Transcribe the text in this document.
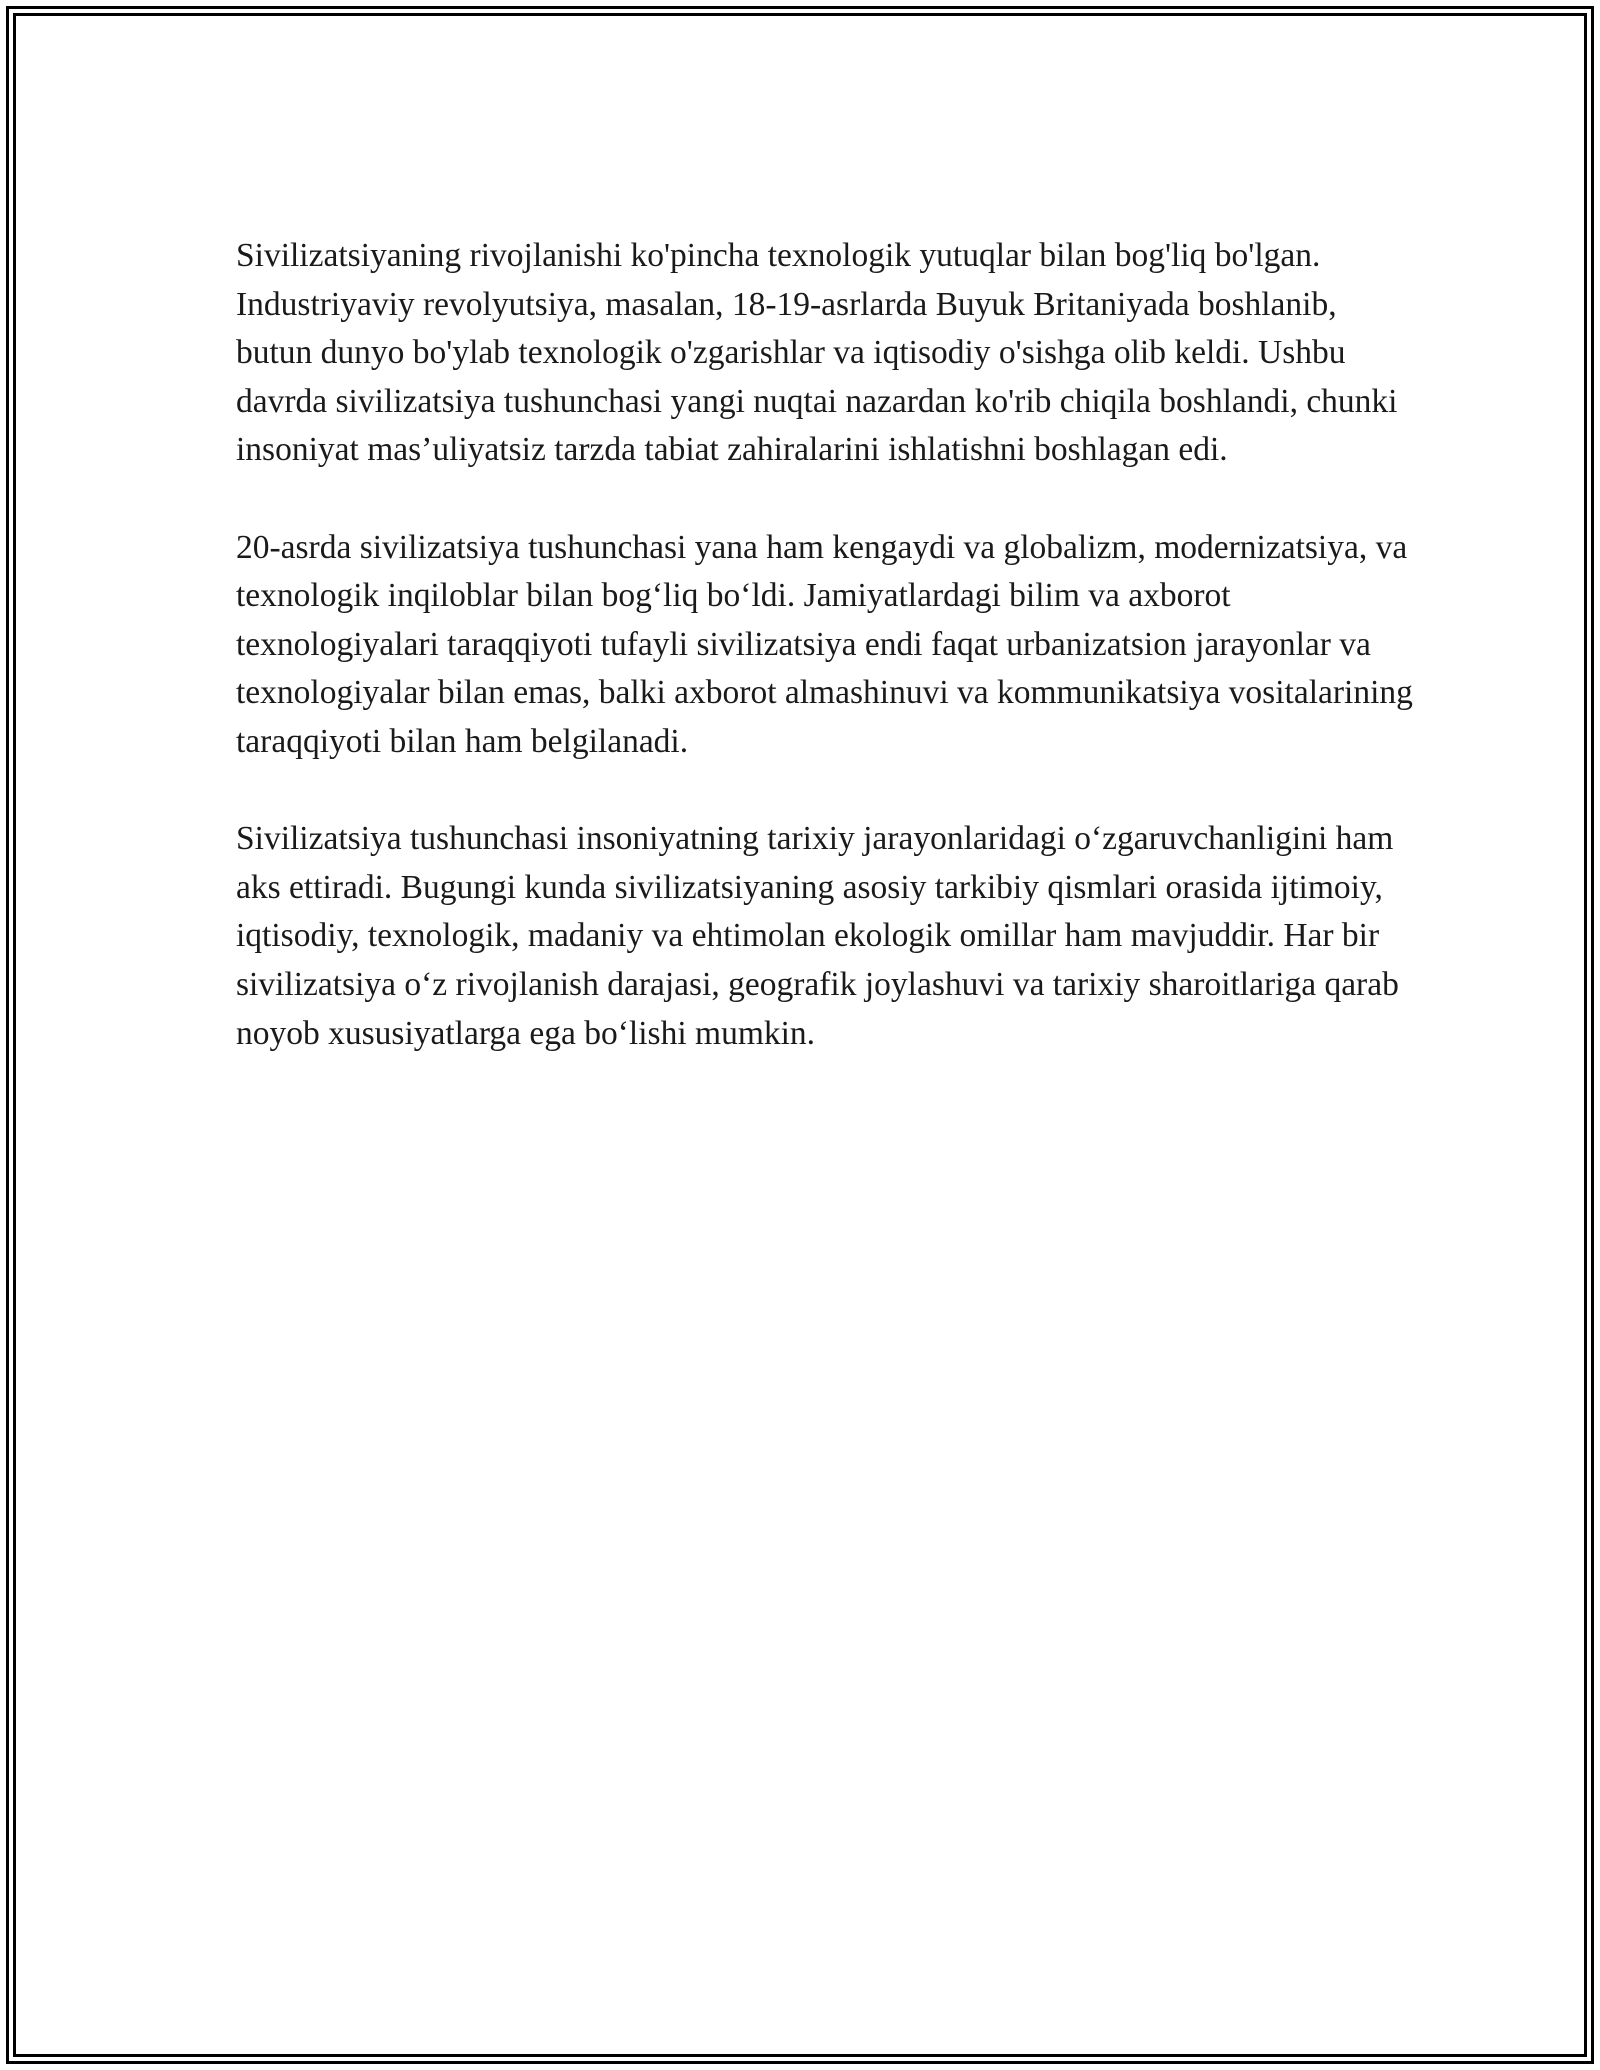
Sivilizatsiyaning rivojlanishi ko'pincha texnologik yutuqlar bilan bog'liq bo'lgan. Industriyaviy revolyutsiya, masalan, 18-19-asrlarda Buyuk Britaniyada boshlanib, butun dunyo bo'ylab texnologik o'zgarishlar va iqtisodiy o'sishga olib keldi. Ushbu davrda sivilizatsiya tushunchasi yangi nuqtai nazardan ko'rib chiqila boshlandi, chunki insoniyat mas’uliyatsiz tarzda tabiat zahiralarini ishlatishni boshlagan edi.

20-asrda sivilizatsiya tushunchasi yana ham kengaydi va globalizm, modernizatsiya, va texnologik inqiloblar bilan bog‘liq bo‘ldi. Jamiyatlardagi bilim va axborot texnologiyalari taraqqiyoti tufayli sivilizatsiya endi faqat urbanizatsion jarayonlar va texnologiyalar bilan emas, balki axborot almashinuvi va kommunikatsiya vositalarining taraqqiyoti bilan ham belgilanadi.

Sivilizatsiya tushunchasi insoniyatning tarixiy jarayonlaridagi o‘zgaruvchanligini ham aks ettiradi. Bugungi kunda sivilizatsiyaning asosiy tarkibiy qismlari orasida ijtimoiy, iqtisodiy, texnologik, madaniy va ehtimolan ekologik omillar ham mavjuddir. Har bir sivilizatsiya o‘z rivojlanish darajasi, geografik joylashuvi va tarixiy sharoitlariga qarab noyob xususiyatlarga ega bo‘lishi mumkin.
